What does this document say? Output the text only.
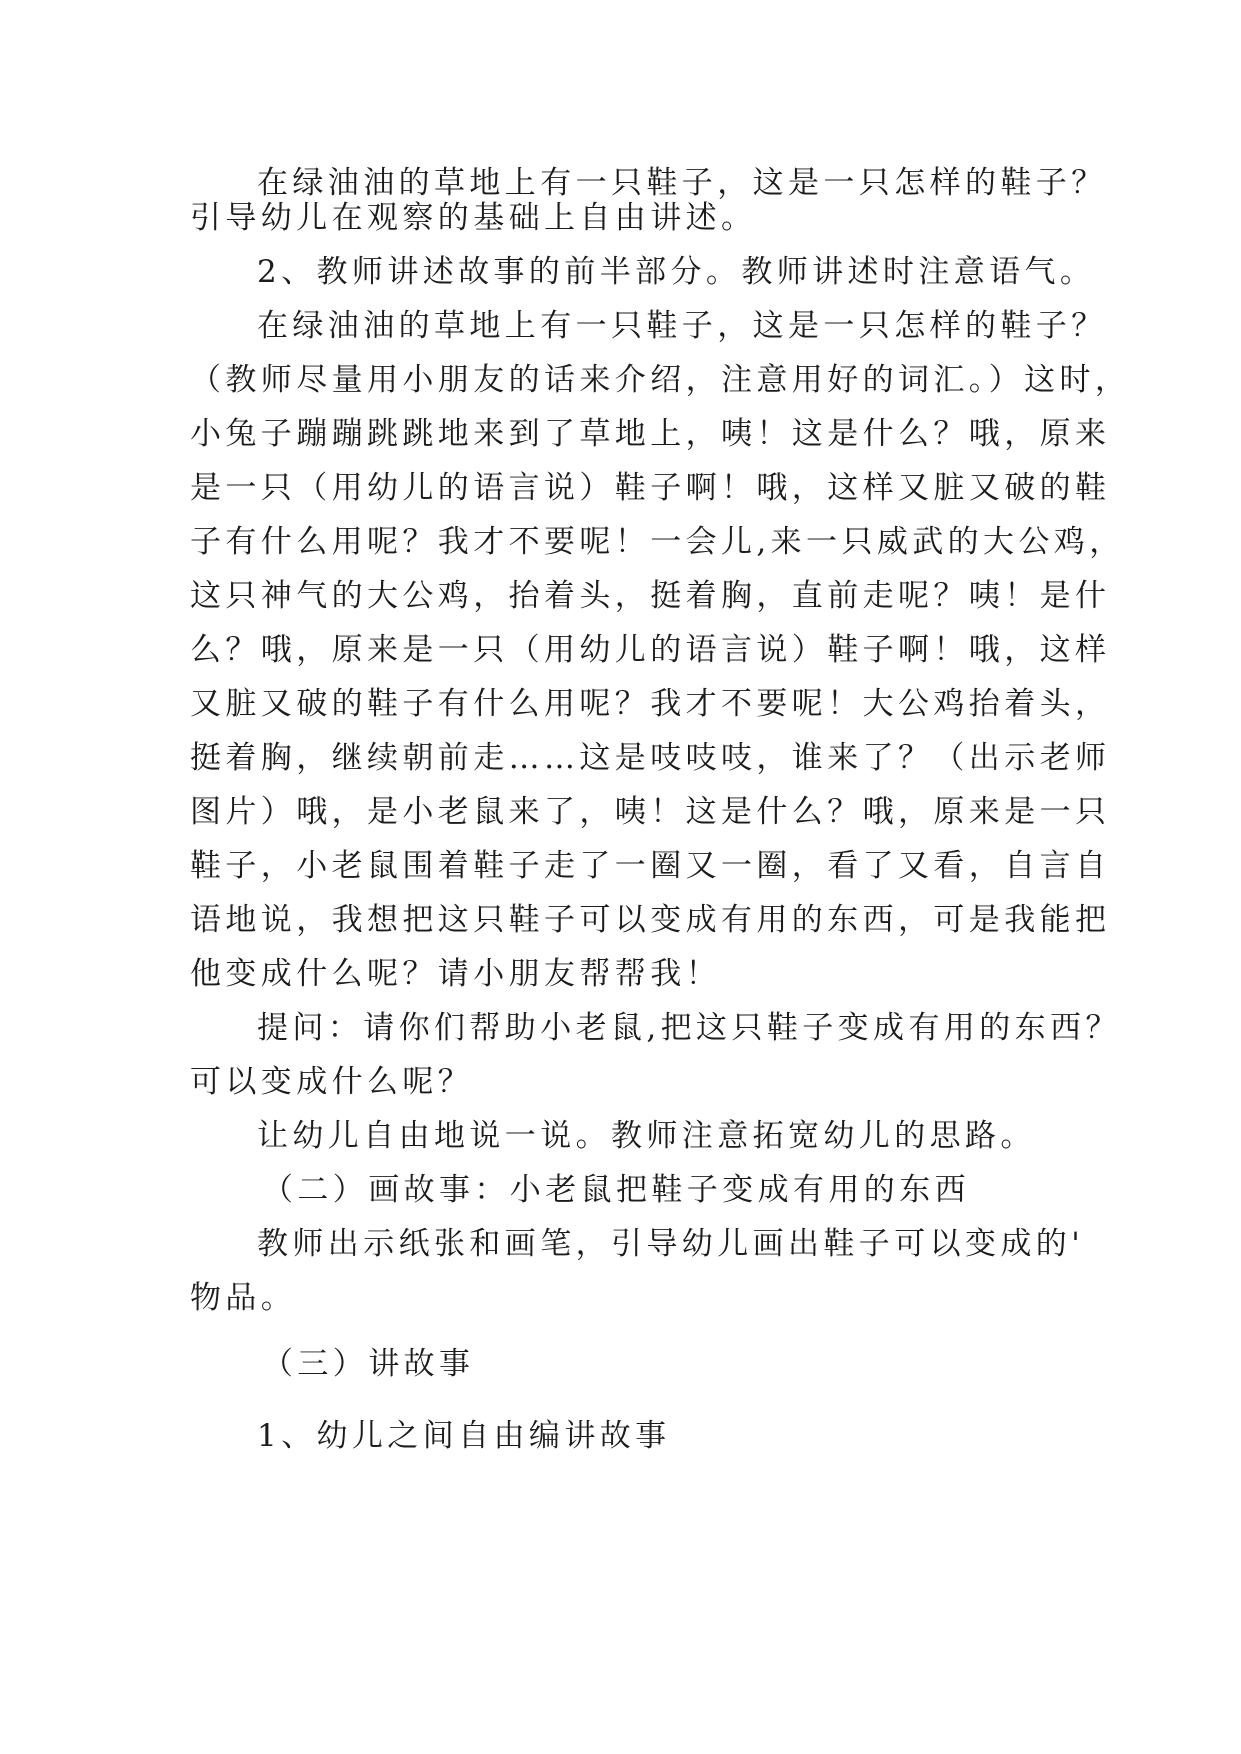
在绿油油的草地上有一只鞋子，这是一只怎样的鞋子？

引导幼儿在观察的基础上自由讲述。

2、教师讲述故事的前半部分。教师讲述时注意语气。

在绿油油的草地上有一只鞋子，这是一只怎样的鞋子？

（教师尽量用小朋友的话来介绍，注意用好的词汇。）这时，

小兔子蹦蹦跳跳地来到了草地上，咦！这是什么？哦，原来

是一只（用幼儿的语言说）鞋子啊！哦，这样又脏又破的鞋

子有什么用呢？我才不要呢！一会儿,来一只威武的大公鸡，

这只神气的大公鸡，抬着头，挺着胸，直前走呢？咦！是什

么？哦，原来是一只（用幼儿的语言说）鞋子啊！哦，这样

又脏又破的鞋子有什么用呢？我才不要呢！大公鸡抬着头，

挺着胸，继续朝前走……这是吱吱吱，谁来了？（出示老师

图片）哦，是小老鼠来了，咦！这是什么？哦，原来是一只

鞋子，小老鼠围着鞋子走了一圈又一圈，看了又看，自言自

语地说，我想把这只鞋子可以变成有用的东西，可是我能把

他变成什么呢？请小朋友帮帮我！

提问：请你们帮助小老鼠,把这只鞋子变成有用的东西？

可以变成什么呢？

让幼儿自由地说一说。教师注意拓宽幼儿的思路。

（二）画故事：小老鼠把鞋子变成有用的东西

教师出示纸张和画笔，引导幼儿画出鞋子可以变成的'

物品。

（三）讲故事

1、幼儿之间自由编讲故事
